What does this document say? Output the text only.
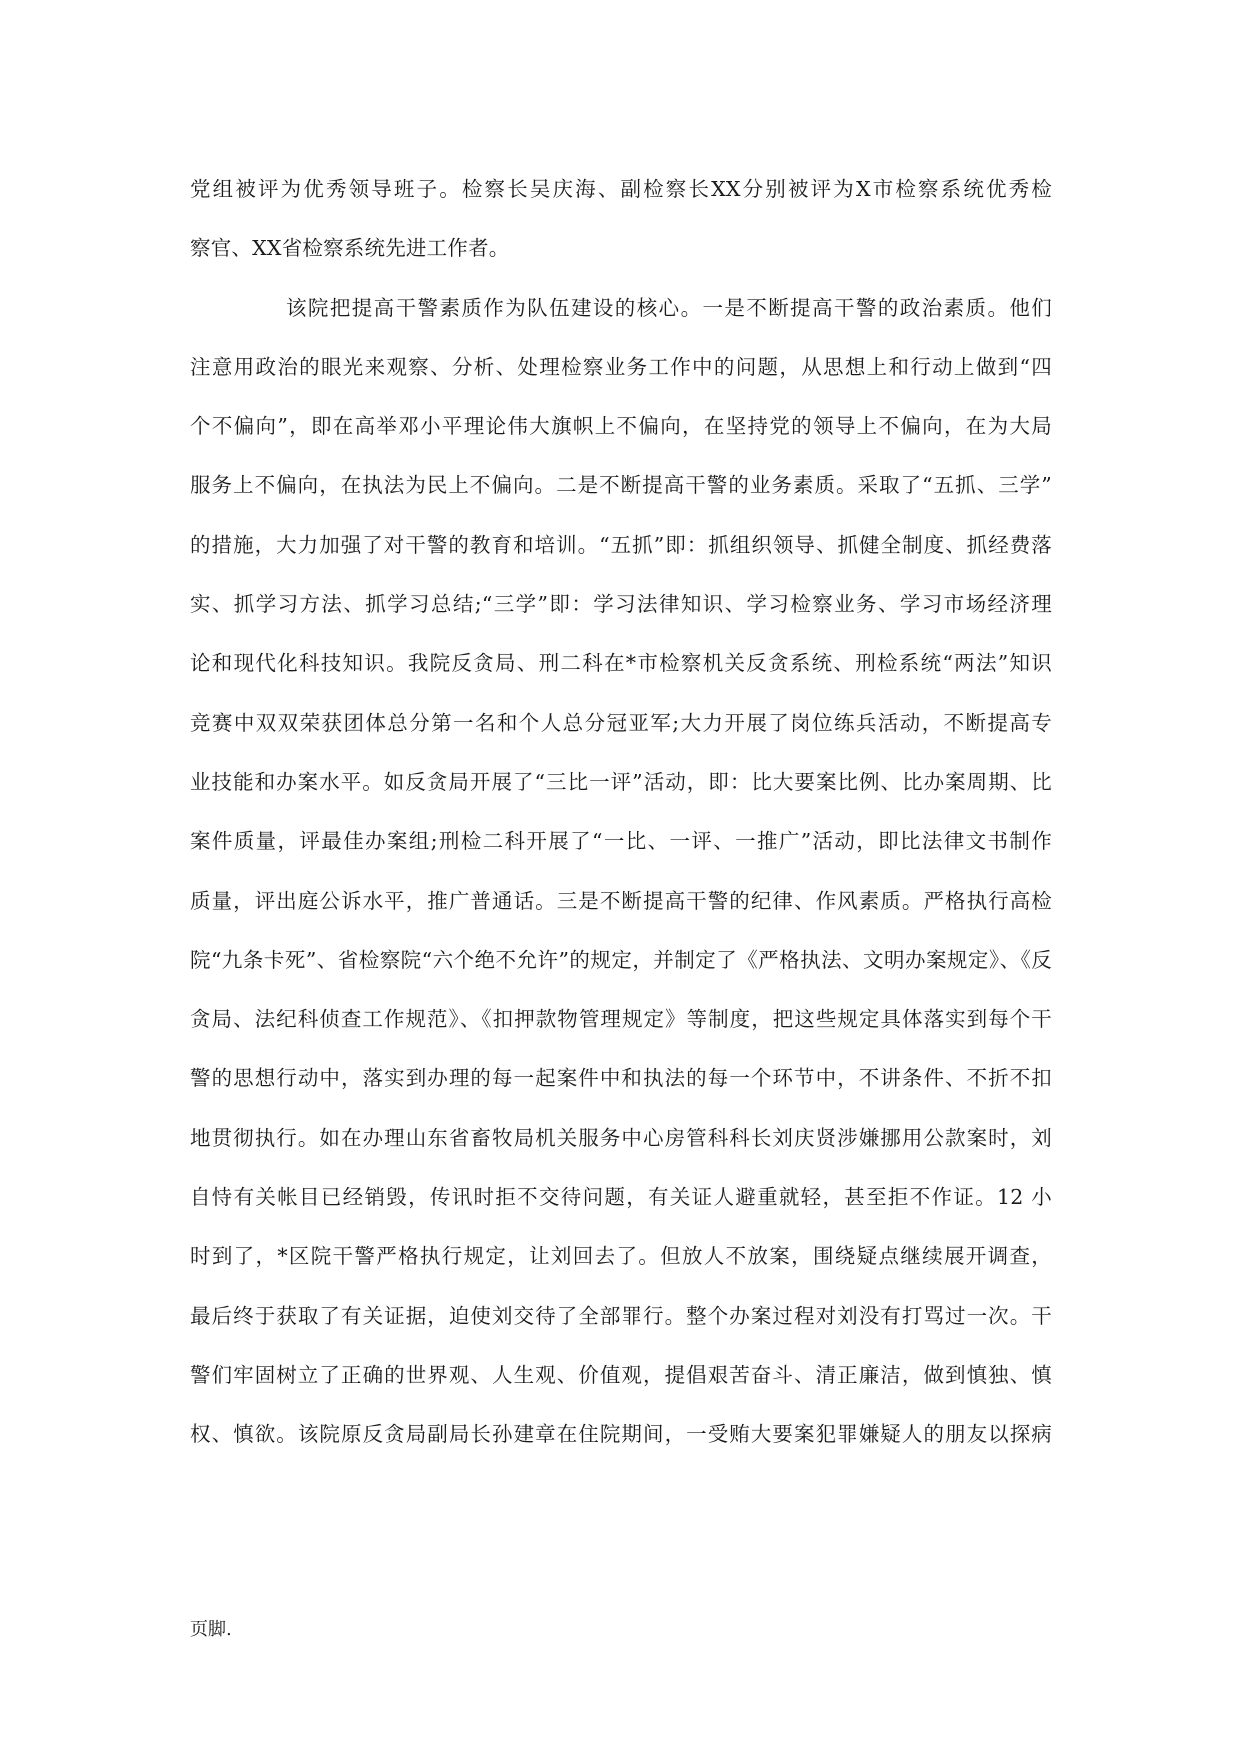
党组被评为优秀领导班子。检察长吴庆海、副检察长XX分别被评为X市检察系统优秀检
察官、XX省检察系统先进工作者。
该院把提高干警素质作为队伍建设的核心。一是不断提高干警的政治素质。他们
注意用政治的眼光来观察、分析、处理检察业务工作中的问题，从思想上和行动上做到“四
个不偏向”，即在高举邓小平理论伟大旗帜上不偏向，在坚持党的领导上不偏向，在为大局
服务上不偏向，在执法为民上不偏向。二是不断提高干警的业务素质。采取了“五抓、三学”
的措施，大力加强了对干警的教育和培训。“五抓”即：抓组织领导、抓健全制度、抓经费落
实、抓学习方法、抓学习总结;“三学”即：学习法律知识、学习检察业务、学习市场经济理
论和现代化科技知识。我院反贪局、刑二科在*市检察机关反贪系统、刑检系统“两法”知识
竞赛中双双荣获团体总分第一名和个人总分冠亚军;大力开展了岗位练兵活动，不断提高专
业技能和办案水平。如反贪局开展了“三比一评”活动，即：比大要案比例、比办案周期、比
案件质量，评最佳办案组;刑检二科开展了“一比、一评、一推广”活动，即比法律文书制作
质量，评出庭公诉水平，推广普通话。三是不断提高干警的纪律、作风素质。严格执行高检
院“九条卡死”、省检察院“六个绝不允许”的规定，并制定了《严格执法、文明办案规定》、《反
贪局、法纪科侦查工作规范》、《扣押款物管理规定》等制度，把这些规定具体落实到每个干
警的思想行动中，落实到办理的每一起案件中和执法的每一个环节中，不讲条件、不折不扣
地贯彻执行。如在办理山东省畜牧局机关服务中心房管科科长刘庆贤涉嫌挪用公款案时，刘
自恃有关帐目已经销毁，传讯时拒不交待问题，有关证人避重就轻，甚至拒不作证。12 小
时到了，*区院干警严格执行规定，让刘回去了。但放人不放案，围绕疑点继续展开调查，
最后终于获取了有关证据，迫使刘交待了全部罪行。整个办案过程对刘没有打骂过一次。干
警们牢固树立了正确的世界观、人生观、价值观，提倡艰苦奋斗、清正廉洁，做到慎独、慎
权、慎欲。该院原反贪局副局长孙建章在住院期间，一受贿大要案犯罪嫌疑人的朋友以探病
页脚.
